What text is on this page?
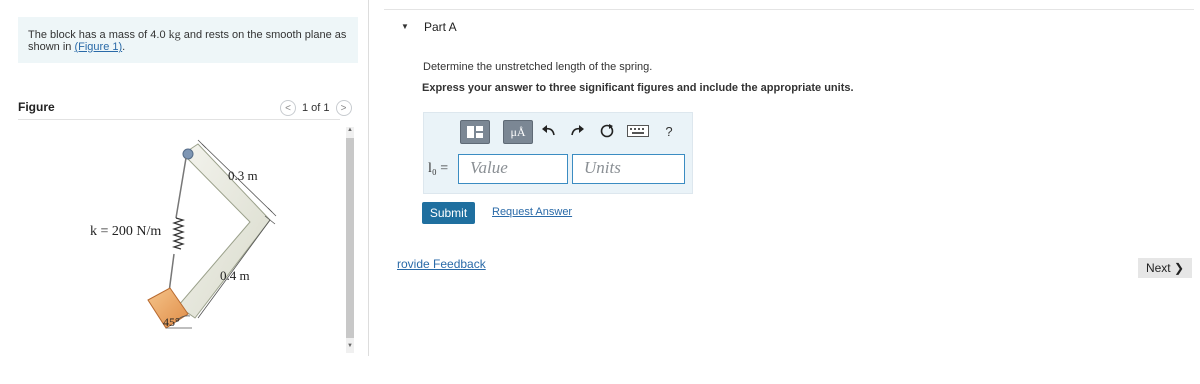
The block has a mass of 4.0 kg and rests on the smooth plane as shown in (Figure 1).
Figure	<	1 of 1	>
0.3 m
0.4 m
k = 200 N/m
45°
▲
▼
▼ Part A
Determine the unstretched length of the spring.
Express your answer to three significant figures and include the appropriate units.
μÅ	?
l₀ =	Value	Units
Submit	Request Answer
rovide Feedback	Next ❯
